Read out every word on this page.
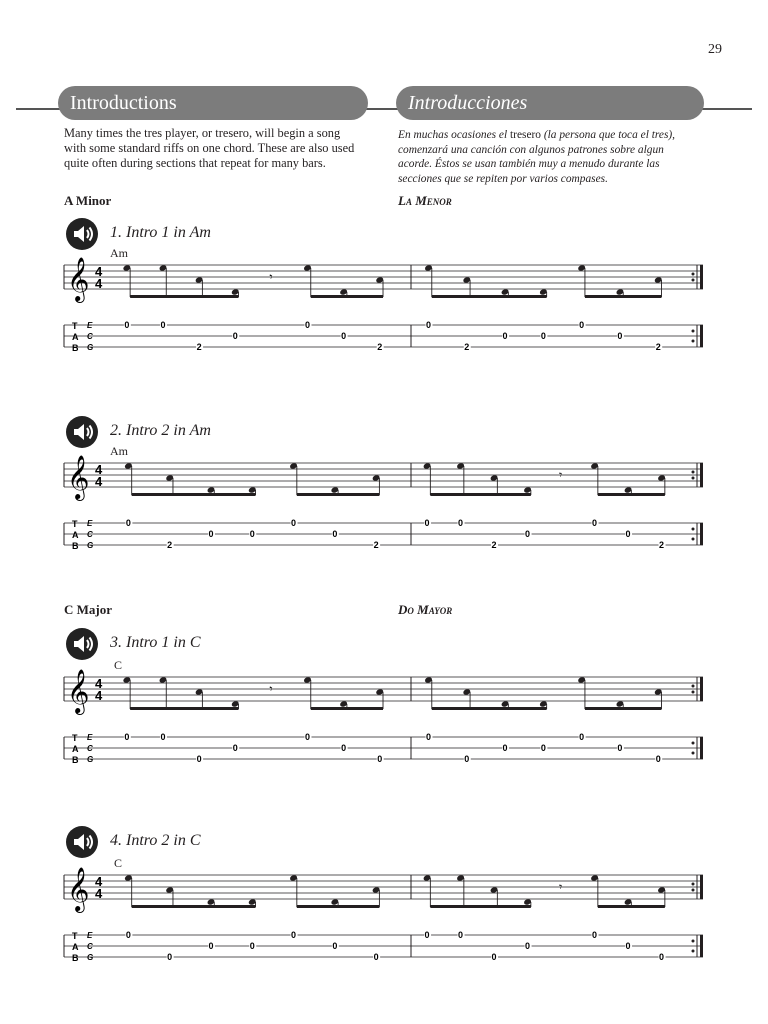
29
Introductions	Introducciones
Many times the tres player, or tresero, will begin a song
with some standard riffs on one chord. These are also used
quite often during sections that repeat for many bars.
En muchas ocasiones el tresero (la persona que toca el tres),
comenzará una canción con algunos patrones sobre algun
acorde. Éstos se usan también muy a menudo durante las
secciones que se repiten por varios compases.
A Minor	La Menor
C Major	Do Mayor
1. Intro 1 in Am
Am
𝄞 4
4
T
A
B
E
C
G
0	0
2
0
𝄾
0
0
2
0
2
0	0
0
0
2
2. Intro 2 in Am
Am
𝄞 4
4
T
A
B
E
C
G
0
2
0	0
0
0
2
0	0
2
0
𝄾
0
0
2
3. Intro 1 in C
C
𝄞 4
4
T
A
B
E
C
G
0	0
0
0
𝄾
0
0
0
0
0
0	0
0
0
0
4. Intro 2 in C
C
𝄞 4
4
T
A
B
E
C
G
0
0
0	0
0
0
0
0	0
0
0
𝄾
0
0
0
